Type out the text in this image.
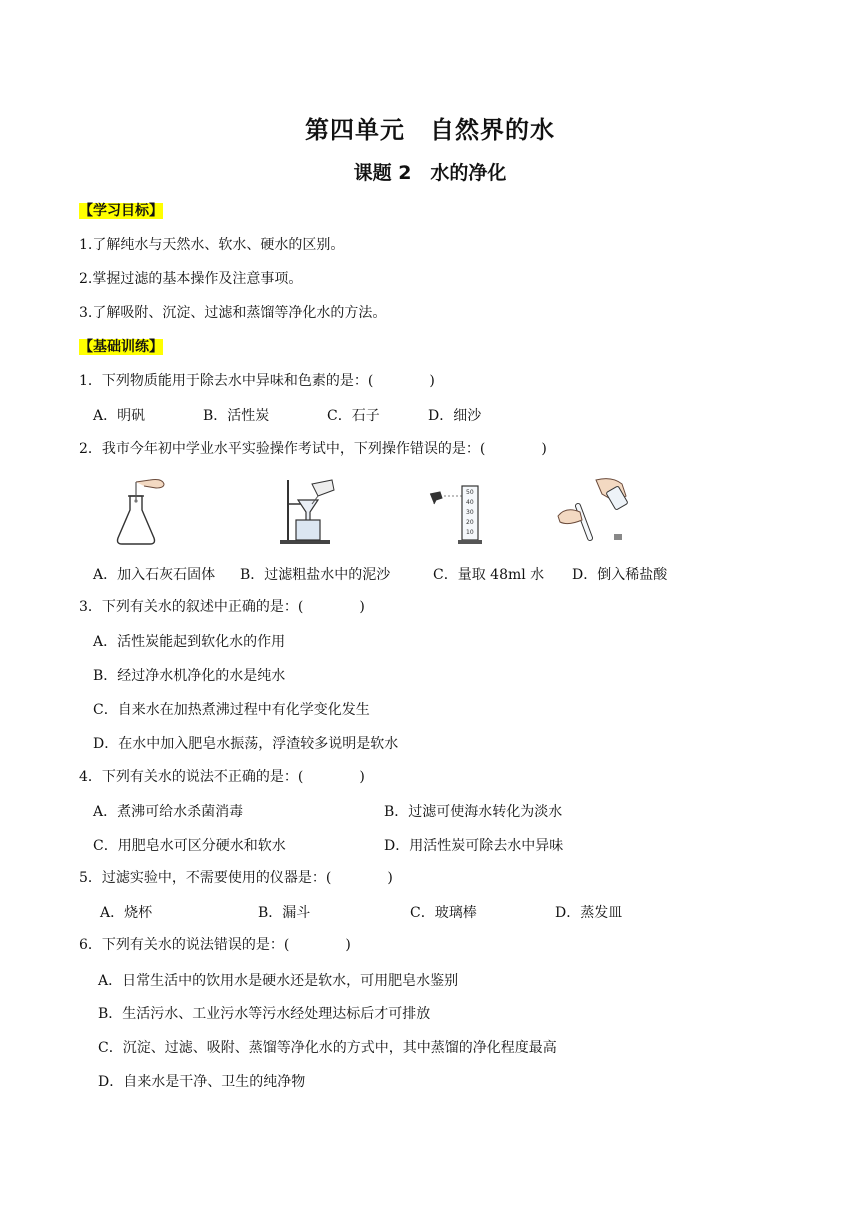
第四单元　自然界的水
课题 2　水的净化
【学习目标】
1.了解纯水与天然水、软水、硬水的区别。
2.掌握过滤的基本操作及注意事项。
3.了解吸附、沉淀、过滤和蒸馏等净化水的方法。
【基础训练】
1．下列物质能用于除去水中异味和色素的是：(　　　　)
A．明矾	B．活性炭	C．石子	D．细沙
2．我市今年初中学业水平实验操作考试中，下列操作错误的是：(　　　　)
50
40
30
20
10
A．加入石灰石固体 B．过滤粗盐水中的泥沙	C．量取 48ml 水 D．倒入稀盐酸
3．下列有关水的叙述中正确的是：(　　　　)
A．活性炭能起到软化水的作用
B．经过净水机净化的水是纯水
C．自来水在加热煮沸过程中有化学变化发生
D．在水中加入肥皂水振荡，浮渣较多说明是软水
4．下列有关水的说法不正确的是：(　　　　)
A．煮沸可给水杀菌消毒	B．过滤可使海水转化为淡水
C．用肥皂水可区分硬水和软水	D．用活性炭可除去水中异味
5．过滤实验中，不需要使用的仪器是：(　　　　)
A．烧杯	B．漏斗	C．玻璃棒	D．蒸发皿
6．下列有关水的说法错误的是：(　　　　)
A．日常生活中的饮用水是硬水还是软水，可用肥皂水鉴别
B．生活污水、工业污水等污水经处理达标后才可排放
C．沉淀、过滤、吸附、蒸馏等净化水的方式中，其中蒸馏的净化程度最高
D．自来水是干净、卫生的纯净物
